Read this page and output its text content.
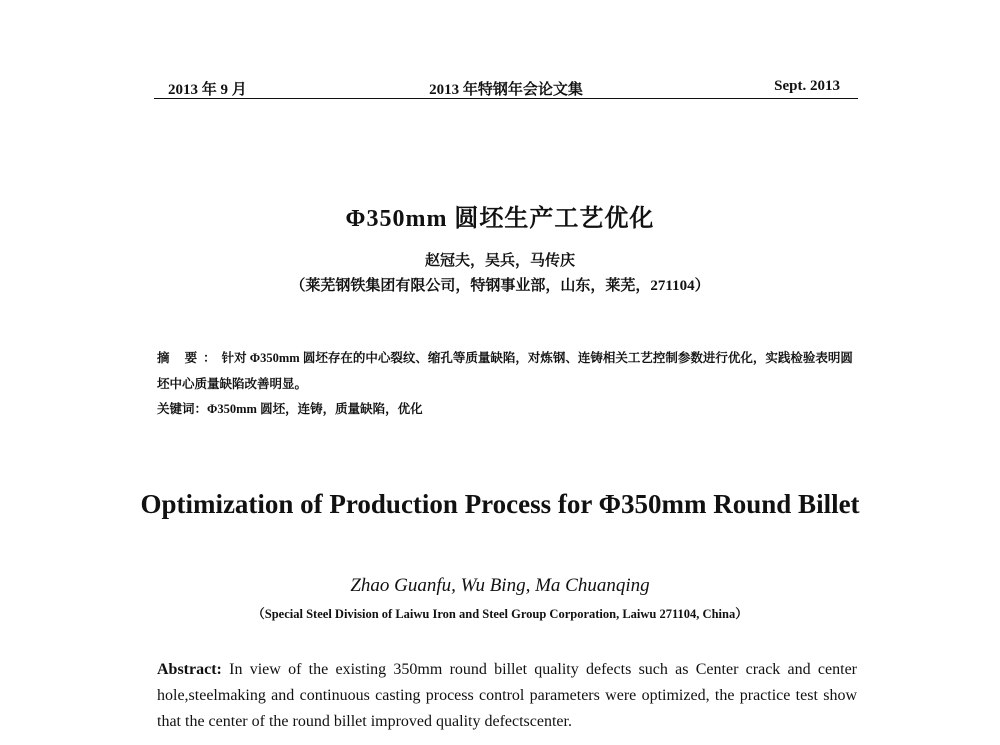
2013 年 9 月	2013 年特钢年会论文集	Sept. 2013
Φ350mm 圆坯生产工艺优化
赵冠夫，吴兵，马传庆
（莱芜钢铁集团有限公司，特钢事业部，山东，莱芜，271104）
摘 要：针对 Φ350mm 圆坯存在的中心裂纹、缩孔等质量缺陷，对炼钢、连铸相关工艺控制参数进行优化，实践检验表明圆坯中心质量缺陷改善明显。
关键词：Φ350mm 圆坯，连铸，质量缺陷，优化
Optimization of Production Process for Φ350mm Round Billet
Zhao Guanfu, Wu Bing, Ma Chuanqing
（Special Steel Division of Laiwu Iron and Steel Group Corporation, Laiwu 271104, China）
Abstract: In view of the existing 350mm round billet quality defects such as Center crack and center hole,steelmaking and continuous casting process control parameters were optimized, the practice test show that the center of the round billet improved quality defectscenter.
